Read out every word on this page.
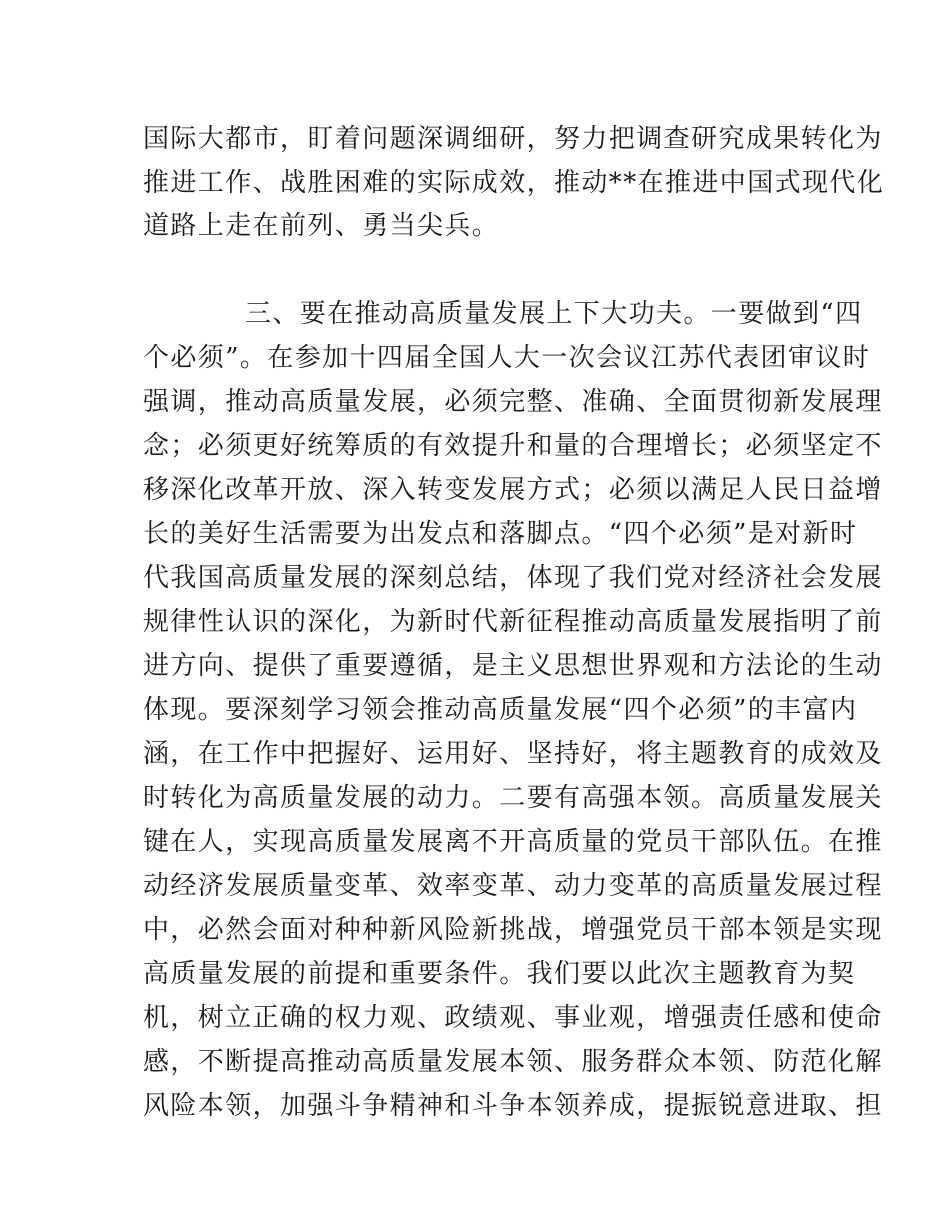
国际大都市，盯着问题深调细研，努力把调查研究成果转化为
推进工作、战胜困难的实际成效，推动**在推进中国式现代化
道路上走在前列、勇当尖兵。
三、要在推动高质量发展上下大功夫。一要做到“四
个必须”。在参加十四届全国人大一次会议江苏代表团审议时
强调，推动高质量发展，必须完整、准确、全面贯彻新发展理
念；必须更好统筹质的有效提升和量的合理增长；必须坚定不
移深化改革开放、深入转变发展方式；必须以满足人民日益增
长的美好生活需要为出发点和落脚点。“四个必须”是对新时
代我国高质量发展的深刻总结，体现了我们党对经济社会发展
规律性认识的深化，为新时代新征程推动高质量发展指明了前
进方向、提供了重要遵循，是主义思想世界观和方法论的生动
体现。要深刻学习领会推动高质量发展“四个必须”的丰富内
涵，在工作中把握好、运用好、坚持好，将主题教育的成效及
时转化为高质量发展的动力。二要有高强本领。高质量发展关
键在人，实现高质量发展离不开高质量的党员干部队伍。在推
动经济发展质量变革、效率变革、动力变革的高质量发展过程
中，必然会面对种种新风险新挑战，增强党员干部本领是实现
高质量发展的前提和重要条件。我们要以此次主题教育为契
机，树立正确的权力观、政绩观、事业观，增强责任感和使命
感，不断提高推动高质量发展本领、服务群众本领、防范化解
风险本领，加强斗争精神和斗争本领养成，提振锐意进取、担
